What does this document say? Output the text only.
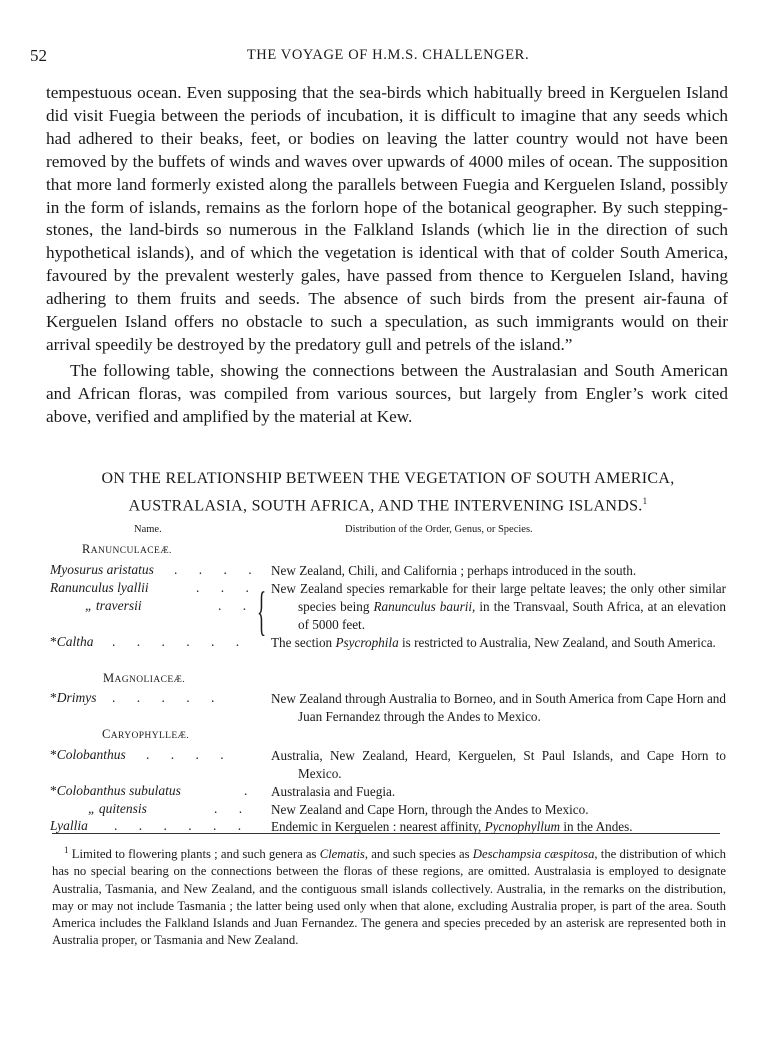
52	THE VOYAGE OF H.M.S. CHALLENGER.

tempestuous ocean. Even supposing that the sea-birds which habitually breed in Kerguelen Island did visit Fuegia between the periods of incubation, it is difficult to imagine that any seeds which had adhered to their beaks, feet, or bodies on leaving the latter country would not have been removed by the buffets of winds and waves over upwards of 4000 miles of ocean. The supposition that more land formerly existed along the parallels between Fuegia and Kerguelen Island, possibly in the form of islands, remains as the forlorn hope of the botanical geographer. By such stepping-stones, the land-birds so numerous in the Falkland Islands (which lie in the direction of such hypothetical islands), and of which the vegetation is identical with that of colder South America, favoured by the prevalent westerly gales, have passed from thence to Kerguelen Island, having adhering to them fruits and seeds. The absence of such birds from the present air-fauna of Kerguelen Island offers no obstacle to such a speculation, as such immigrants would on their arrival speedily be destroyed by the predatory gull and petrels of the island.”

The following table, showing the connections between the Australasian and South American and African floras, was compiled from various sources, but largely from Engler’s work cited above, verified and amplified by the material at Kew.

ON THE RELATIONSHIP BETWEEN THE VEGETATION OF SOUTH AMERICA,
AUSTRALASIA, SOUTH AFRICA, AND THE INTERVENING ISLANDS.$^1$
Name.	Distribution of the Order, Genus, or Species.
RANUNCULACEÆ.
Myosurus aristatus . . . . New Zealand, Chili, and California ; perhaps introduced in the south.
Ranunculus lyallii	. . .
„ traversii	. . { New Zealand species remarkable for their large peltate leaves; the only other similar species being Ranunculus baurii, in the Transvaal, South Africa, at an elevation of 5000 feet.
* Caltha . . . . . . The section Psycrophila is restricted to Australia, New Zealand, and South America.
MAGNOLIACEÆ.
* Drimys . . . . .	New Zealand through Australia to Borneo, and in South America from Cape Horn and Juan Fernandez through the Andes to Mexico.
CARYOPHYLLEÆ.
* Colobanthus . . . .	Australia, New Zealand, Heard, Kerguelen, St Paul Islands, and Cape Horn to Mexico.
* Colobanthus subulatus	. Australasia and Fuegia.
„ quitensis	. . New Zealand and Cape Horn, through the Andes to Mexico.
Lyallia . . . . . . Endemic in Kerguelen : nearest affinity, Pycnophyllum in the Andes.
$^1$ Limited to flowering plants ; and such genera as Clematis, and such species as Deschampsia cæspitosa, the distribution of which has no special bearing on the connections between the floras of these regions, are omitted. Australasia is employed to designate Australia, Tasmania, and New Zealand, and the contiguous small islands collectively. Australia, in the remarks on the distribution, may or may not include Tasmania ; the latter being used only when that alone, excluding Australia proper, is part of the area. South America includes the Falkland Islands and Juan Fernandez. The genera and species preceded by an asterisk are represented both in Australia proper, or Tasmania and New Zealand.
